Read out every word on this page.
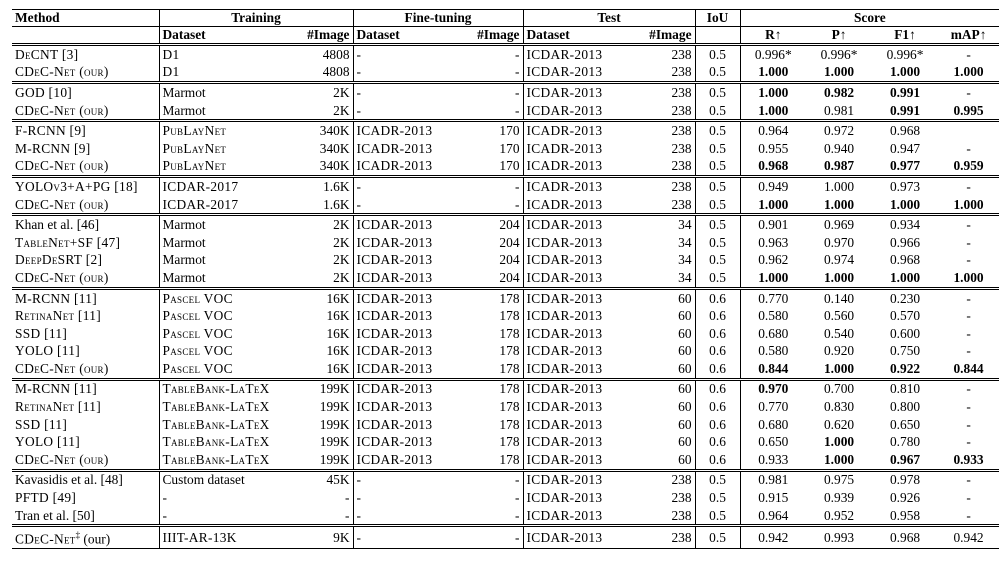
Method	Training		Fine-tuning		Test		IoU	Score			
	Dataset	#Image	Dataset	#Image	Dataset	#Image		R↑	P↑	F1↑	mAP↑
DeCNT [3]	D1	4808	-	-	ICDAR-2013	238	0.5	0.996*	0.996*	0.996*	-
CDeC-Net (our)	D1	4808	-	-	ICDAR-2013	238	0.5	1.000	1.000	1.000	1.000
GOD [10]	Marmot	2K	-	-	ICDAR-2013	238	0.5	1.000	0.982	0.991	-
CDeC-Net (our)	Marmot	2K	-	-	ICDAR-2013	238	0.5	1.000	0.981	0.991	0.995
F-RCNN [9]	PubLayNet	340K	ICADR-2013	170	ICADR-2013	238	0.5	0.964	0.972	0.968	
M-RCNN [9]	PubLayNet	340K	ICADR-2013	170	ICADR-2013	238	0.5	0.955	0.940	0.947	-
CDeC-Net (our)	PubLayNet	340K	ICADR-2013	170	ICADR-2013	238	0.5	0.968	0.987	0.977	0.959
YOLOv3+A+PG [18]	ICDAR-2017	1.6K	-	-	ICADR-2013	238	0.5	0.949	1.000	0.973	-
CDeC-Net (our)	ICDAR-2017	1.6K	-	-	ICADR-2013	238	0.5	1.000	1.000	1.000	1.000
Khan et al. [46]	Marmot	2K	ICDAR-2013	204	ICDAR-2013	34	0.5	0.901	0.969	0.934	-
TableNet+SF [47]	Marmot	2K	ICDAR-2013	204	ICDAR-2013	34	0.5	0.963	0.970	0.966	-
DeepDeSRT [2]	Marmot	2K	ICDAR-2013	204	ICDAR-2013	34	0.5	0.962	0.974	0.968	-
CDeC-Net (our)	Marmot	2K	ICDAR-2013	204	ICDAR-2013	34	0.5	1.000	1.000	1.000	1.000
M-RCNN [11]	Pascel VOC	16K	ICDAR-2013	178	ICDAR-2013	60	0.6	0.770	0.140	0.230	-
RetinaNet [11]	Pascel VOC	16K	ICDAR-2013	178	ICDAR-2013	60	0.6	0.580	0.560	0.570	-
SSD [11]	Pascel VOC	16K	ICDAR-2013	178	ICDAR-2013	60	0.6	0.680	0.540	0.600	-
YOLO [11]	Pascel VOC	16K	ICDAR-2013	178	ICDAR-2013	60	0.6	0.580	0.920	0.750	-
CDeC-Net (our)	Pascel VOC	16K	ICDAR-2013	178	ICDAR-2013	60	0.6	0.844	1.000	0.922	0.844
M-RCNN [11]	TableBank-LaTeX	199K	ICDAR-2013	178	ICDAR-2013	60	0.6	0.970	0.700	0.810	-
RetinaNet [11]	TableBank-LaTeX	199K	ICDAR-2013	178	ICDAR-2013	60	0.6	0.770	0.830	0.800	-
SSD [11]	TableBank-LaTeX	199K	ICDAR-2013	178	ICDAR-2013	60	0.6	0.680	0.620	0.650	-
YOLO [11]	TableBank-LaTeX	199K	ICDAR-2013	178	ICDAR-2013	60	0.6	0.650	1.000	0.780	-
CDeC-Net (our)	TableBank-LaTeX	199K	ICDAR-2013	178	ICDAR-2013	60	0.6	0.933	1.000	0.967	0.933
Kavasidis et al. [48]	Custom dataset	45K	-	-	ICDAR-2013	238	0.5	0.981	0.975	0.978	-
PFTD [49]	-	-	-	-	ICDAR-2013	238	0.5	0.915	0.939	0.926	-
Tran et al. [50]	-	-	-	-	ICDAR-2013	238	0.5	0.964	0.952	0.958	-
CDeC-Net‡ (our)	IIIT-AR-13K	9K	-	-	ICDAR-2013	238	0.5	0.942	0.993	0.968	0.942
